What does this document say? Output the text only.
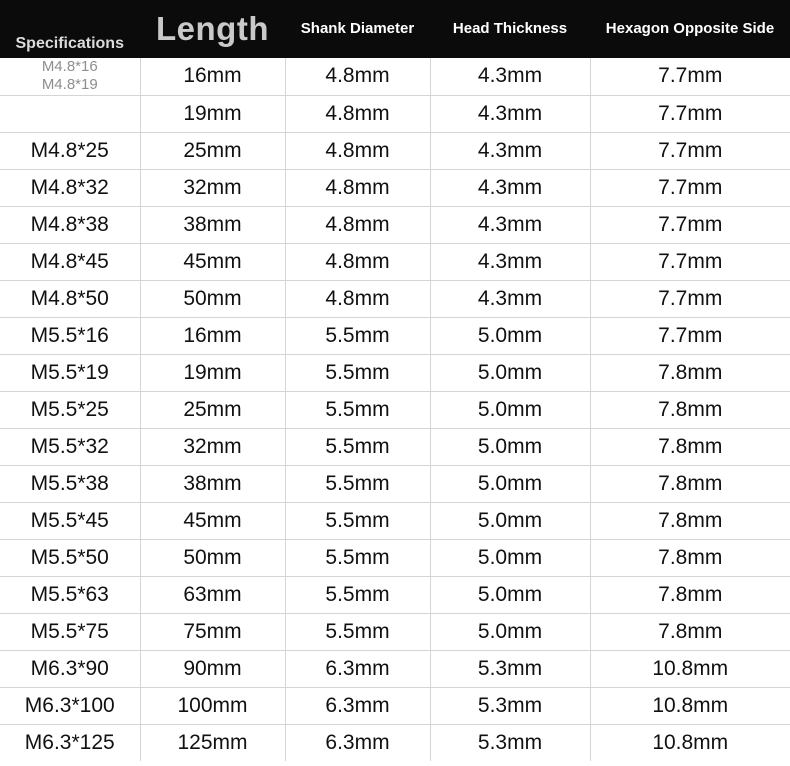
Specifications	Length	Shank Diameter	Head Thickness	Hexagon Opposite Side

M4.8*16
M4.8*19	16mm	4.8mm	4.3mm	7.7mm
	19mm	4.8mm	4.3mm	7.7mm
M4.8*25	25mm	4.8mm	4.3mm	7.7mm
M4.8*32	32mm	4.8mm	4.3mm	7.7mm
M4.8*38	38mm	4.8mm	4.3mm	7.7mm
M4.8*45	45mm	4.8mm	4.3mm	7.7mm
M4.8*50	50mm	4.8mm	4.3mm	7.7mm
M5.5*16	16mm	5.5mm	5.0mm	7.7mm
M5.5*19	19mm	5.5mm	5.0mm	7.8mm
M5.5*25	25mm	5.5mm	5.0mm	7.8mm
M5.5*32	32mm	5.5mm	5.0mm	7.8mm
M5.5*38	38mm	5.5mm	5.0mm	7.8mm
M5.5*45	45mm	5.5mm	5.0mm	7.8mm
M5.5*50	50mm	5.5mm	5.0mm	7.8mm
M5.5*63	63mm	5.5mm	5.0mm	7.8mm
M5.5*75	75mm	5.5mm	5.0mm	7.8mm
M6.3*90	90mm	6.3mm	5.3mm	10.8mm
M6.3*100	100mm	6.3mm	5.3mm	10.8mm
M6.3*125	125mm	6.3mm	5.3mm	10.8mm
